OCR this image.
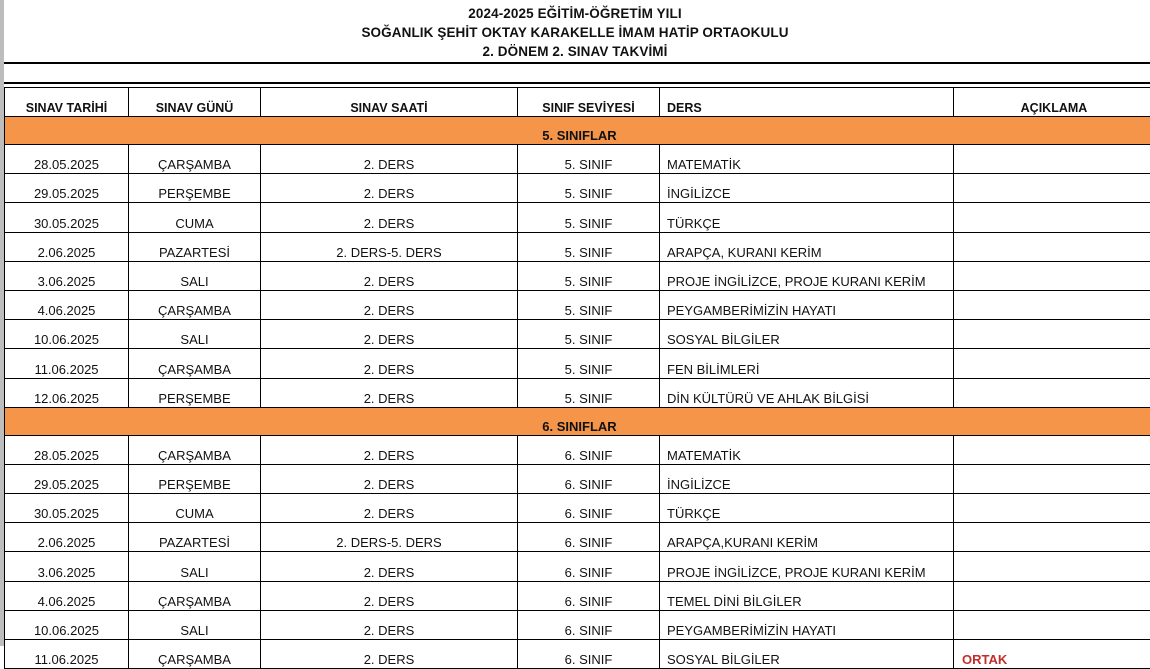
2024-2025 EĞİTİM-ÖĞRETİM YILI
SOĞANLIK ŞEHİT OKTAY KARAKELLE İMAM HATİP ORTAOKULU
2. DÖNEM 2. SINAV TAKVİMİ
SINAV TARİHİ	SINAV GÜNÜ	SINAV SAATİ	SINIF SEVİYESİ	DERS	AÇIKLAMA
5. SINIFLAR					
28.05.2025	ÇARŞAMBA	2. DERS	5. SINIF	MATEMATİK	
29.05.2025	PERŞEMBE	2. DERS	5. SINIF	İNGİLİZCE	
30.05.2025	CUMA	2. DERS	5. SINIF	TÜRKÇE	
2.06.2025	PAZARTESİ	2. DERS-5. DERS	5. SINIF	ARAPÇA, KURANI KERİM	
3.06.2025	SALI	2. DERS	5. SINIF	PROJE İNGİLİZCE, PROJE KURANI KERİM	
4.06.2025	ÇARŞAMBA	2. DERS	5. SINIF	PEYGAMBERİMİZİN HAYATI	
10.06.2025	SALI	2. DERS	5. SINIF	SOSYAL BİLGİLER	
11.06.2025	ÇARŞAMBA	2. DERS	5. SINIF	FEN BİLİMLERİ	
12.06.2025	PERŞEMBE	2. DERS	5. SINIF	DİN KÜLTÜRÜ VE AHLAK BİLGİSİ	
6. SINIFLAR					
28.05.2025	ÇARŞAMBA	2. DERS	6. SINIF	MATEMATİK	
29.05.2025	PERŞEMBE	2. DERS	6. SINIF	İNGİLİZCE	
30.05.2025	CUMA	2. DERS	6. SINIF	TÜRKÇE	
2.06.2025	PAZARTESİ	2. DERS-5. DERS	6. SINIF	ARAPÇA,KURANI KERİM	
3.06.2025	SALI	2. DERS	6. SINIF	PROJE İNGİLİZCE, PROJE KURANI KERİM	
4.06.2025	ÇARŞAMBA	2. DERS	6. SINIF	TEMEL DİNİ BİLGİLER	
10.06.2025	SALI	2. DERS	6. SINIF	PEYGAMBERİMİZİN HAYATI	
11.06.2025	ÇARŞAMBA	2. DERS	6. SINIF	SOSYAL BİLGİLER	ORTAK
